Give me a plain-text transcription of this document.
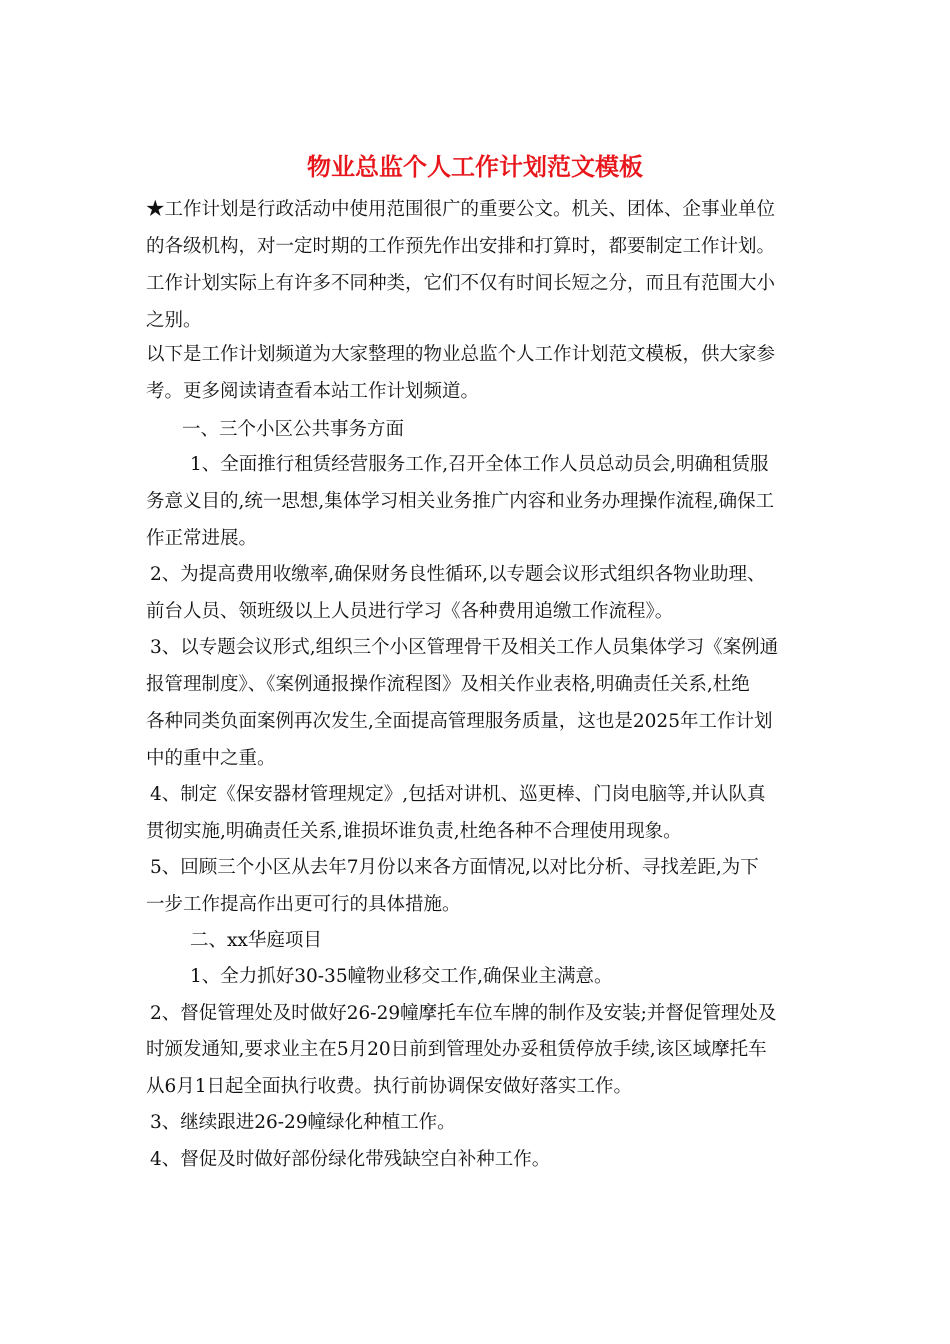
物业总监个人工作计划范文模板
★工作计划是行政活动中使用范围很广的重要公文。机关、团体、企事业单位
的各级机构，对一定时期的工作预先作出安排和打算时，都要制定工作计划。
工作计划实际上有许多不同种类，它们不仅有时间长短之分，而且有范围大小
之别。
以下是工作计划频道为大家整理的物业总监个人工作计划范文模板，供大家参
考。更多阅读请查看本站工作计划频道。
一、三个小区公共事务方面
1、全面推行租赁经营服务工作,召开全体工作人员总动员会,明确租赁服
务意义目的,统一思想,集体学习相关业务推广内容和业务办理操作流程,确保工
作正常进展。
2、为提高费用收缴率,确保财务良性循环,以专题会议形式组织各物业助理、
前台人员、领班级以上人员进行学习《各种费用追缴工作流程》。
3、以专题会议形式,组织三个小区管理骨干及相关工作人员集体学习《案例通
报管理制度》、《案例通报操作流程图》及相关作业表格,明确责任关系,杜绝
各种同类负面案例再次发生,全面提高管理服务质量，这也是2025年工作计划
中的重中之重。
4、制定《保安器材管理规定》,包括对讲机、巡更棒、门岗电脑等,并认队真
贯彻实施,明确责任关系,谁损坏谁负责,杜绝各种不合理使用现象。
5、回顾三个小区从去年7月份以来各方面情况,以对比分析、寻找差距,为下
一步工作提高作出更可行的具体措施。
二、xx华庭项目
1、全力抓好30-35幢物业移交工作,确保业主满意。
2、督促管理处及时做好26-29幢摩托车位车牌的制作及安装;并督促管理处及
时颁发通知,要求业主在5月20日前到管理处办妥租赁停放手续,该区域摩托车
从6月1日起全面执行收费。执行前协调保安做好落实工作。
3、继续跟进26-29幢绿化种植工作。
4、督促及时做好部份绿化带残缺空白补种工作。
